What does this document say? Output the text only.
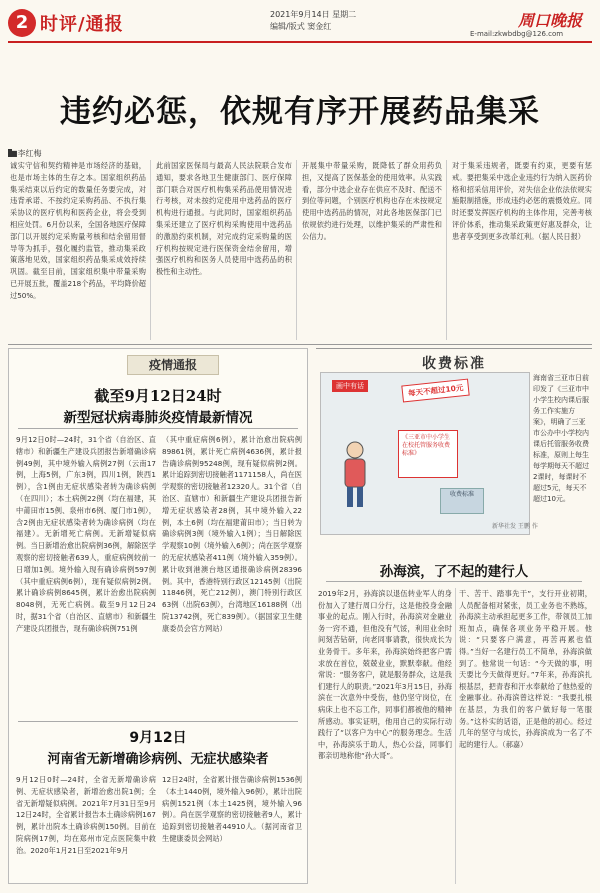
2 时评/通报	2021年9月14日 星期二
编辑/版式 窦金红	周口晚报
E-mail:zkwbdbg@126.com
违约必惩，依规有序开展药品集采
■李红梅
诚实守信和契约精神是市场经济的基础，也是市场主体的生存之本。国家组织药品集采结束以后约定的数量任务要完成，对违背承诺、不按约定采购药品、不执行集采协议的医疗机构和医药企业，将会受到相应处罚。6月份以来，全国各地医疗保障部门以开展约定采购量考核和结余留用督导等为抓手，强化履约监管，推动集采政策落地见效，国家组织药品集采成效持续巩固。截至目前，国家组织集中带量采购已开展五批，覆盖218个药品，平均降价超过50%。
此前国家医保局与最高人民法院联合发布通知，要求各地卫生健康部门、医疗保障部门联合对医疗机构集采药品使用情况进行考核，对未按约定使用中选药品的医疗机构进行通报。与此同时，国家组织药品集采还建立了医疗机构采购使用中选药品的激励约束机制，对完成约定采购量的医疗机构按规定进行医保资金结余留用，增强医疗机构和医务人员使用中选药品的积极性和主动性。
开展集中带量采购，既降低了群众用药负担，又提高了医保基金的使用效率。从实践看，部分中选企业存在供应不及时、配送不到位等问题，个别医疗机构也存在未按规定使用中选药品的情况，对此各地医保部门已依规依约进行处理，以维护集采的严肃性和公信力。
对于集采违规者，既要有约束，更要有惩戒。要把集采中选企业违约行为纳入医药价格和招采信用评价，对失信企业依法依规实施限制措施，形成违约必惩的震慑效应。同时还要发挥医疗机构的主体作用，完善考核评价体系，推动集采政策更好惠及群众，让患者享受到更多改革红利。（据人民日报）
疫情通报
截至9月12日24时
新型冠状病毒肺炎疫情最新情况
9月12日0时—24时，31个省（自治区、直辖市）和新疆生产建设兵团报告新增确诊病例49例，其中境外输入病例27例（云南17例，上海5例，广东3例，四川1例，陕西1例），含1例由无症状感染者转为确诊病例（在四川）；本土病例22例（均在福建，其中莆田市15例、泉州市6例、厦门市1例），含2例由无症状感染者转为确诊病例（均在福建）。无新增死亡病例。无新增疑似病例。当日新增治愈出院病例36例，解除医学观察的密切接触者639人，重症病例较前一日增加1例。境外输入现有确诊病例597例（其中重症病例6例），现有疑似病例2例。累计确诊病例8645例，累计治愈出院病例8048例，无死亡病例。截至9月12日24时，据31个省（自治区、直辖市）和新疆生产建设兵团报告，现有确诊病例751例
（其中重症病例6例），累计治愈出院病例89861例，累计死亡病例4636例，累计报告确诊病例95248例，现有疑似病例2例。累计追踪到密切接触者1171158人，尚在医学观察的密切接触者12320人。31个省（自治区、直辖市）和新疆生产建设兵团报告新增无症状感染者28例，其中境外输入22例，本土6例（均在福建莆田市）；当日转为确诊病例3例（境外输入1例）；当日解除医学观察10例（境外输入6例）；尚在医学观察的无症状感染者411例（境外输入359例）。累计收到港澳台地区通报确诊病例28396例。其中，香港特别行政区12145例（出院11846例，死亡212例），澳门特别行政区63例（出院63例），台湾地区16188例（出院13742例，死亡839例）。（据国家卫生健康委员会官方网站）
9月12日
河南省无新增确诊病例、无症状感染者
9月12日0时—24时，全省无新增确诊病例、无症状感染者，新增治愈出院1例；全省无新增疑似病例。2021年7月31日至9月12日24时，全省累计报告本土确诊病例167例，累计出院本土确诊病例150例。目前在院病例17例，均在郑州市定点医院集中救治。2020年1月21日至2021年9月
12日24时，全省累计报告确诊病例1536例（本土1440例，境外输入96例），累计出院病例1521例（本土1425例，境外输入96例）。尚在医学观察的密切接触者9人，累计追踪到密切接触者44910人。（据河南省卫生健康委员会网站）
收费标准
画中有话	每天不超过10元
《三亚市中小学生在校托管服务收费标准》
收费标准
新华社发 王鹏 作
海南省三亚市日前印发了《三亚市中小学生校内课后服务工作实施方案》，明确了三亚市公办中小学校内课后托管服务收费标准，原则上每生每学期每天不超过2课时，每课时不超过5元，每天不超过10元。
孙海滨，了不起的建行人
2019年2月，孙海滨以退伍转业军人的身份加入了建行周口分行，这是他投身金融事业的起点。刚入行时，孙海滨对金融业务一窍不通，但他没有气馁，利用业余时间刻苦钻研，向老同事请教，很快成长为业务骨干。多年来，孙海滨始终把客户需求放在首位，兢兢业业，默默奉献。他经常说：“服务客户，就是服务群众，这是我们建行人的职责。”2021年3月15日，孙海滨在一次意外中受伤，他仍坚守岗位，在病床上也不忘工作，同事们都被他的精神所感动。事实证明，他用自己的实际行动践行了“以客户为中心”的服务理念。生活中，孙海滨乐于助人，热心公益，同事们都亲切地称他“孙大哥”。
干、苦干、踏事先干”，支行开业初期，人员配备相对紧张，员工业务也不熟练，孙海滨主动承担起更多工作，带领员工加班加点，确保各项业务平稳开展。他说：“只要客户满意，再苦再累也值得。”当好一名建行员工不简单，孙海滨做到了。他常说一句话：“今天做的事，明天要比今天做得更好。”7年来，孙海滨扎根基层，把青春和汗水奉献给了他热爱的金融事业。孙海滨曾这样说：“我要扎根在基层，为我们的客户做好每一笔服务。”这朴实的话语，正是他的初心。经过几年的坚守与成长，孙海滨成为一名了不起的建行人。（郝嘉）
